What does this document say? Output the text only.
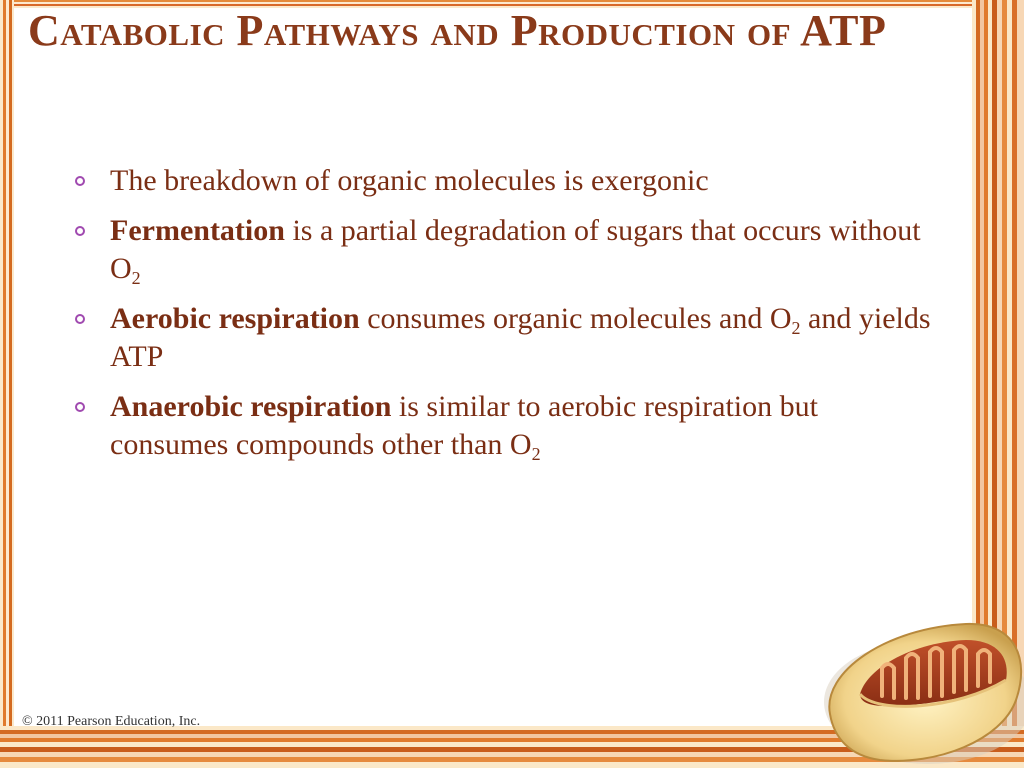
Catabolic Pathways and Production of ATP
The breakdown of organic molecules is exergonic
Fermentation is a partial degradation of sugars that occurs without $O_2$
Aerobic respiration consumes organic molecules and $O_2$ and yields ATP
Anaerobic respiration is similar to aerobic respiration but consumes compounds other than $O_2$
© 2011 Pearson Education, Inc.
